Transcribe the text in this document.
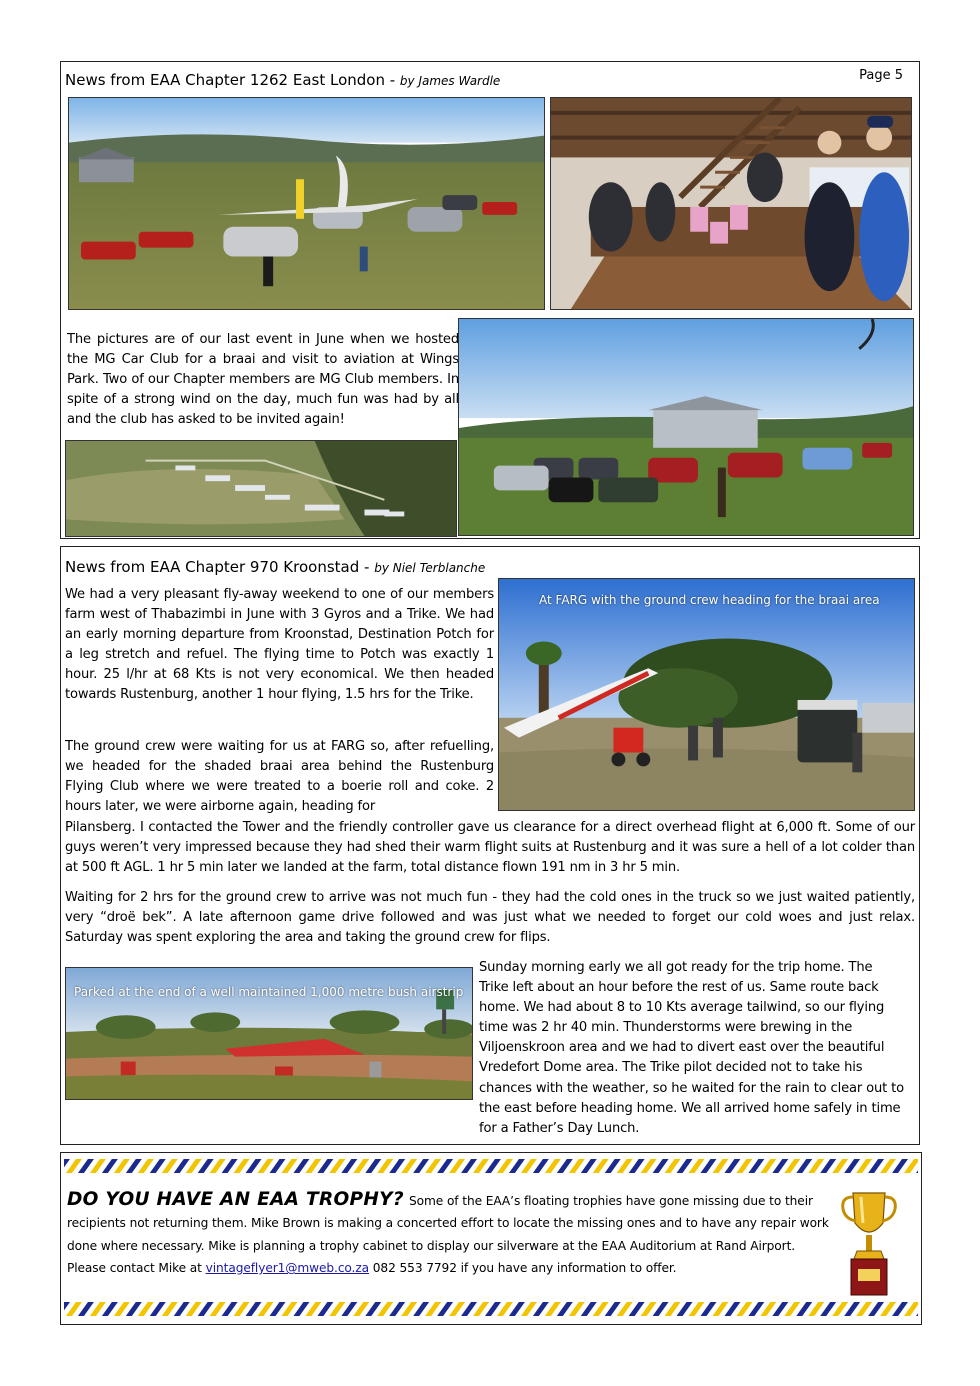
News from EAA Chapter 1262 East London - by James Wardle	Page 5
The pictures are of our last event in June when we hosted the MG Car Club for a braai and visit to aviation at Wings Park. Two of our Chapter members are MG Club members. In spite of a strong wind on the day, much fun was had by all and the club has asked to be invited again!
News from EAA Chapter 970 Kroonstad - by Niel Terblanche
We had a very pleasant fly-away weekend to one of our members farm west of Thabazimbi in June with 3 Gyros and a Trike. We had an early morning departure from Kroonstad, Destination Potch for a leg stretch and refuel. The flying time to Potch was exactly 1 hour. 25 l/hr at 68 Kts is not very economical. We then headed towards Rustenburg, another 1 hour flying, 1.5 hrs for the Trike.
The ground crew were waiting for us at FARG so, after refuelling, we headed for the shaded braai area behind the Rustenburg Flying Club where we were treated to a boerie roll and coke. 2 hours later, we were airborne again, heading for
Pilansberg. I contacted the Tower and the friendly controller gave us clearance for a direct overhead flight at 6,000 ft. Some of our guys weren’t very impressed because they had shed their warm flight suits at Rustenburg and it was sure a hell of a lot colder than at 500 ft AGL. 1 hr 5 min later we landed at the farm, total distance flown 191 nm in 3 hr 5 min.
Waiting for 2 hrs for the ground crew to arrive was not much fun - they had the cold ones in the truck so we just waited patiently, very “droë bek”. A late afternoon game drive followed and was just what we needed to forget our cold woes and just relax. Saturday was spent exploring the area and taking the ground crew for flips.
Sunday morning early we all got ready for the trip home. The Trike left about an hour before the rest of us. Same route back home. We had about 8 to 10 Kts average tailwind, so our flying time was 2 hr 40 min. Thunderstorms were brewing in the Viljoenskroon area and we had to divert east over the beautiful Vredefort Dome area. The Trike pilot decided not to take his chances with the weather, so he waited for the rain to clear out to the east before heading home. We all arrived home safely in time for a Father’s Day Lunch.
At FARG with the ground crew heading for the braai area
Parked at the end of a well maintained 1,000 metre bush airstrip
DO YOU HAVE AN EAA TROPHY? Some of the EAA’s floating trophies have gone missing due to their recipients not returning them. Mike Brown is making a concerted effort to locate the missing ones and to have any repair work done where necessary. Mike is planning a trophy cabinet to display our silverware at the EAA Auditorium at Rand Airport. Please contact Mike at vintageflyer1@mweb.co.za 082 553 7792 if you have any information to offer.
